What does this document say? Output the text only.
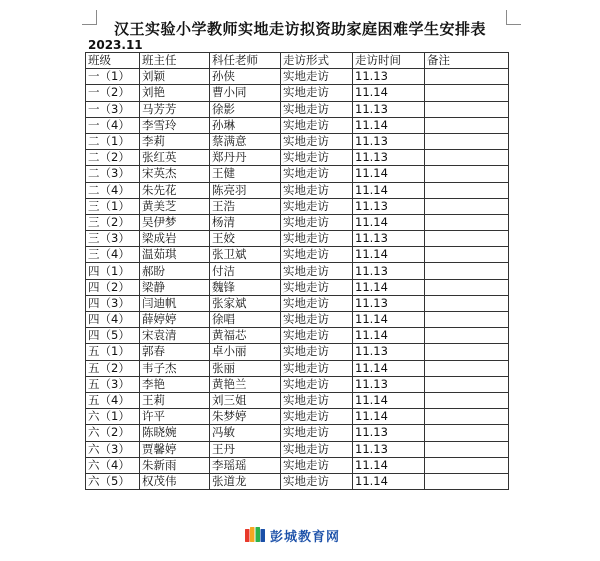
汉王实验小学教师实地走访拟资助家庭困难学生安排表
2023.11
班级	班主任	科任老师	走访形式	走访时间	备注
一（1）	刘颖	孙侠	实地走访	11.13	
一（2）	刘艳	曹小同	实地走访	11.14	
一（3）	马芳芳	徐影	实地走访	11.13	
一（4）	李雪玲	孙琳	实地走访	11.14	
二（1）	李莉	蔡满意	实地走访	11.13	
二（2）	张红英	郑丹丹	实地走访	11.13	
二（3）	宋英杰	王健	实地走访	11.14	
二（4）	朱先花	陈亮羽	实地走访	11.14	
三（1）	黄美芝	王浩	实地走访	11.13	
三（2）	吴伊梦	杨清	实地走访	11.14	
三（3）	梁成岩	王姣	实地走访	11.13	
三（4）	温茹琪	张卫斌	实地走访	11.14	
四（1）	郝盼	付洁	实地走访	11.13	
四（2）	梁静	魏锋	实地走访	11.14	
四（3）	闫迪帆	张家斌	实地走访	11.13	
四（4）	薛婷婷	徐唱	实地走访	11.14	
四（5）	宋袁清	黄福芯	实地走访	11.14	
五（1）	郭春	卓小丽	实地走访	11.13	
五（2）	韦子杰	张丽	实地走访	11.14	
五（3）	李艳	黄艳兰	实地走访	11.13	
五（4）	王莉	刘三姐	实地走访	11.14	
六（1）	许平	朱梦婷	实地走访	11.14	
六（2）	陈晓婉	冯敏	实地走访	11.13	
六（3）	贾馨婷	王丹	实地走访	11.13	
六（4）	朱新雨	李瑶瑶	实地走访	11.14	
六（5）	权茂伟	张道龙	实地走访	11.14	
彭城教育网
